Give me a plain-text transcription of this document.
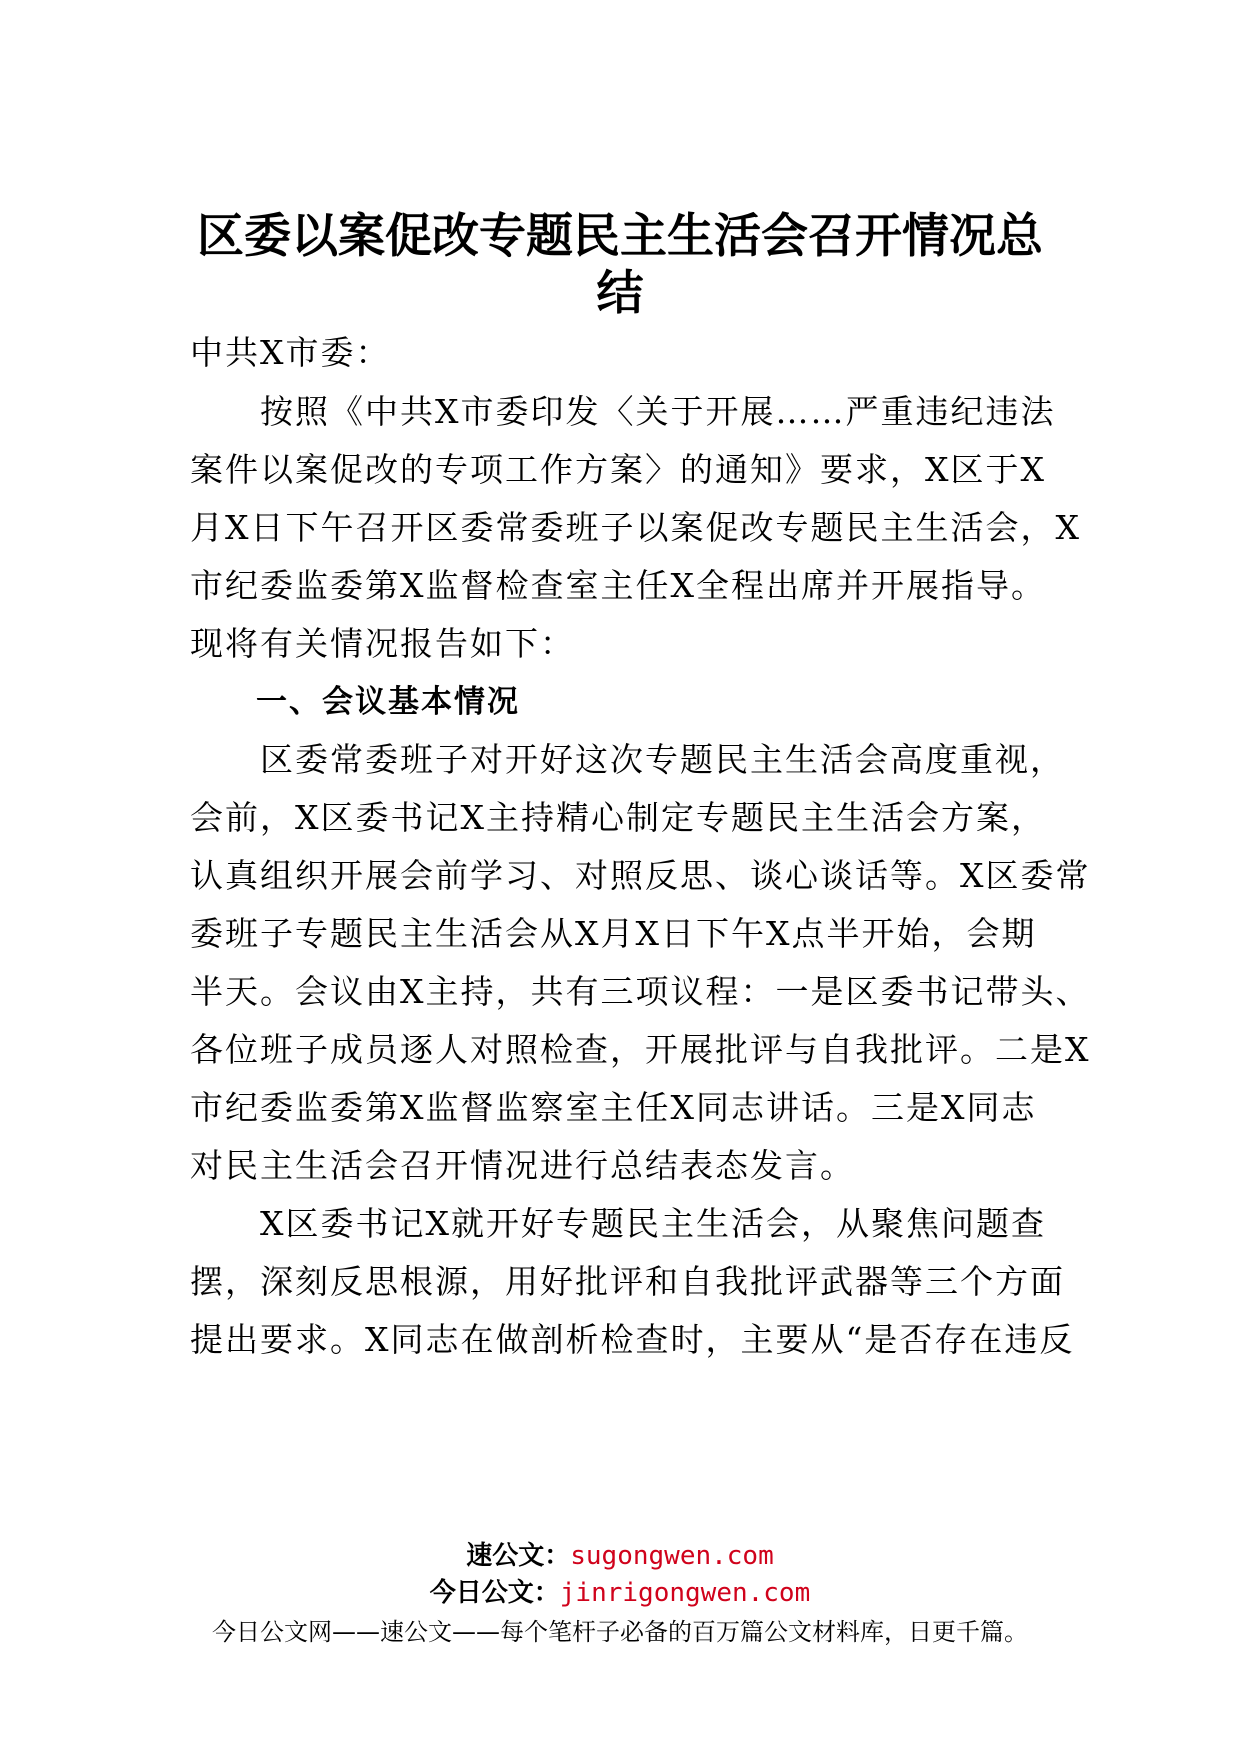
区委以案促改专题民主生活会召开情况总
结
中共X市委：
　　按照《中共X市委印发〈关于开展……严重违纪违法
案件以案促改的专项工作方案〉的通知》要求，X区于X
月X日下午召开区委常委班子以案促改专题民主生活会，X
市纪委监委第X监督检查室主任X全程出席并开展指导。
现将有关情况报告如下：
　　一、会议基本情况
　　区委常委班子对开好这次专题民主生活会高度重视，
会前，X区委书记X主持精心制定专题民主生活会方案，
认真组织开展会前学习、对照反思、谈心谈话等。X区委常
委班子专题民主生活会从X月X日下午X点半开始，会期
半天。会议由X主持，共有三项议程：一是区委书记带头、
各位班子成员逐人对照检查，开展批评与自我批评。二是X
市纪委监委第X监督监察室主任X同志讲话。三是X同志
对民主生活会召开情况进行总结表态发言。
　　X区委书记X就开好专题民主生活会，从聚焦问题查
摆，深刻反思根源，用好批评和自我批评武器等三个方面
提出要求。X同志在做剖析检查时，主要从“是否存在违反
速公文：sugongwen.com
今日公文：jinrigongwen.com
今日公文网——速公文——每个笔杆子必备的百万篇公文材料库，日更千篇。
